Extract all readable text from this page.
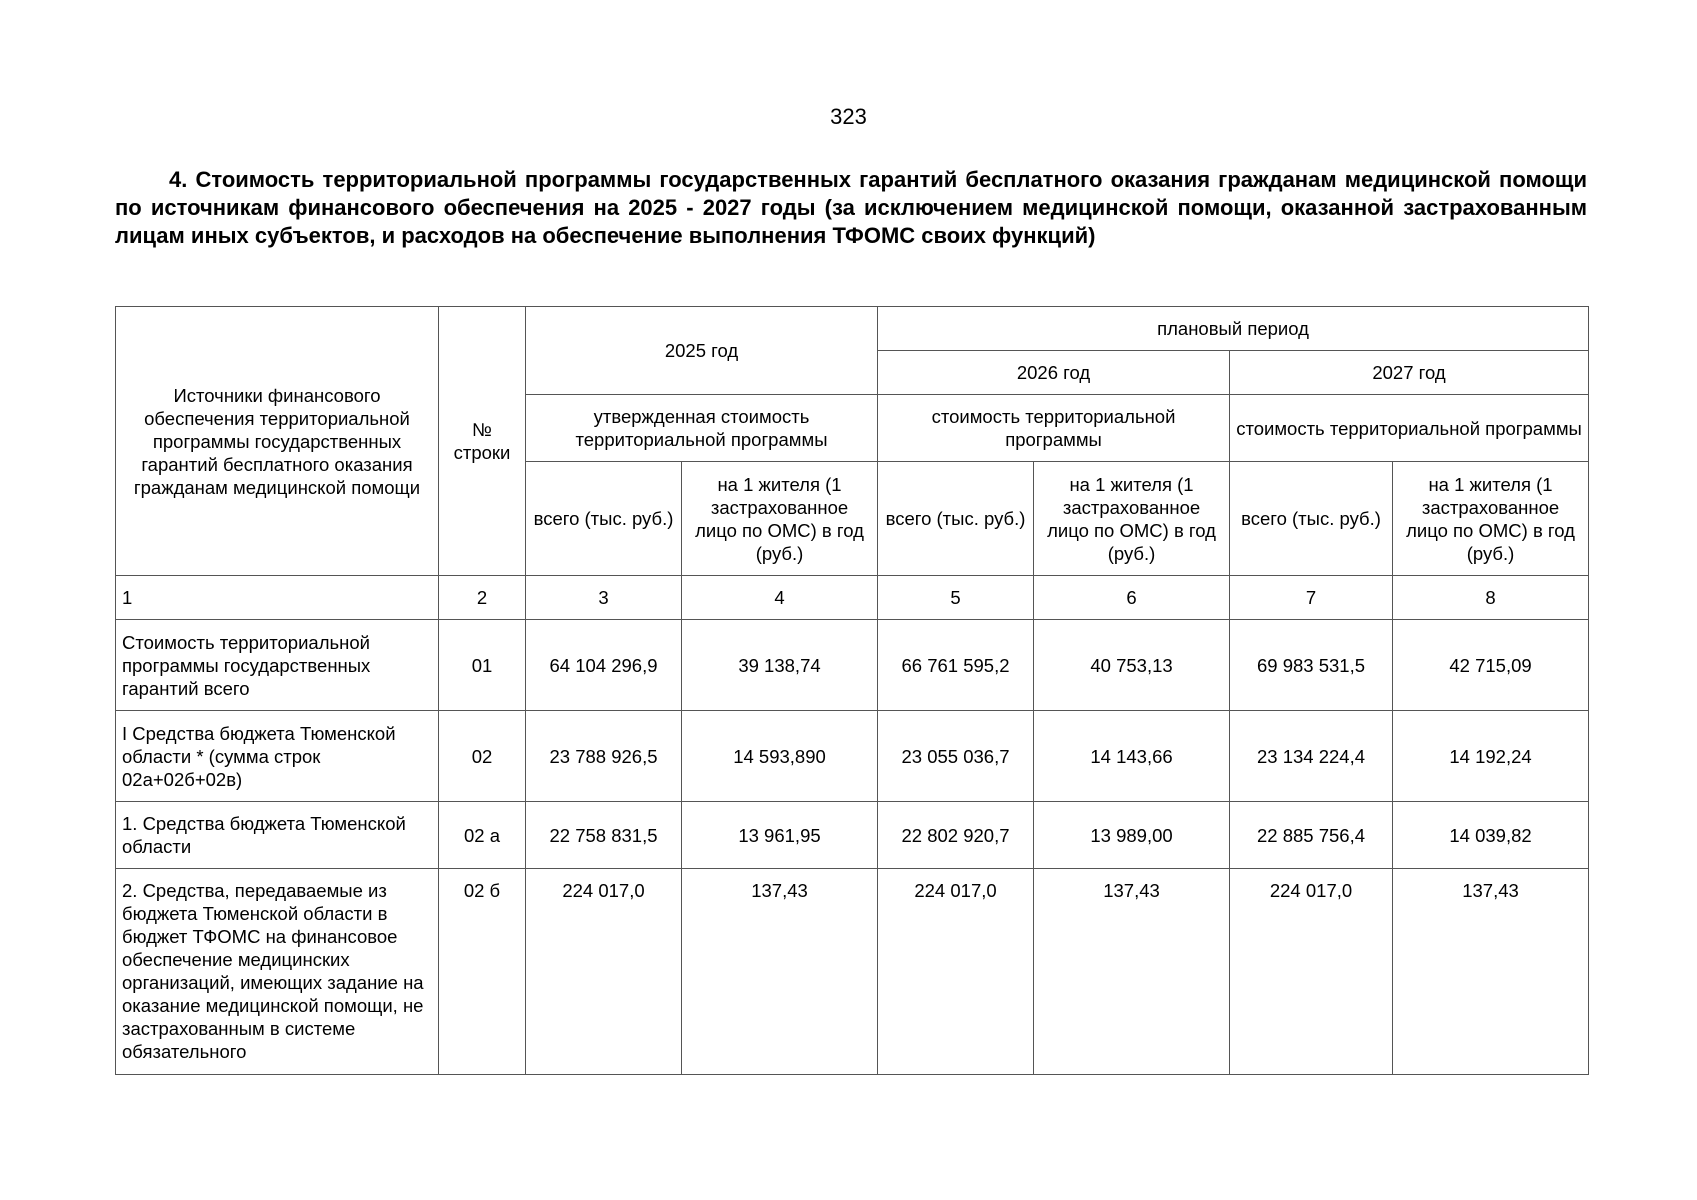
323
4. Стоимость территориальной программы государственных гарантий бесплатного оказания гражданам медицинской помощи по источникам финансового обеспечения на 2025 - 2027 годы (за исключением медицинской помощи, оказанной застрахованным лицам иных субъектов, и расходов на обеспечение выполнения ТФОМС своих функций)
Источники финансового обеспечения территориальной программы государственных гарантий бесплатного оказания гражданам медицинской помощи	№ строки	2025 год		плановый период			
				2026 год		2027 год	
		утвержденная стоимость территориальной программы		стоимость территориальной программы		стоимость территориальной программы	
		всего (тыс. руб.)	на 1 жителя (1 застрахованное лицо по ОМС) в год (руб.)	всего (тыс. руб.)	на 1 жителя (1 застрахованное лицо по ОМС) в год (руб.)	всего (тыс. руб.)	на 1 жителя (1 застрахованное лицо по ОМС) в год (руб.)
1	2	3	4	5	6	7	8
Стоимость территориальной программы государственных гарантий всего	01	64 104 296,9	39 138,74	66 761 595,2	40 753,13	69 983 531,5	42 715,09
I Средства бюджета Тюменской области * (сумма строк 02а+02б+02в)	02	23 788 926,5	14 593,890	23 055 036,7	14 143,66	23 134 224,4	14 192,24
1. Средства бюджета Тюменской области	02 а	22 758 831,5	13 961,95	22 802 920,7	13 989,00	22 885 756,4	14 039,82
2. Средства, передаваемые из бюджета Тюменской области в бюджет ТФОМС на финансовое обеспечение медицинских организаций, имеющих задание на оказание медицинской помощи, не застрахованным в системе обязательного	02 б	224 017,0	137,43	224 017,0	137,43	224 017,0	137,43
